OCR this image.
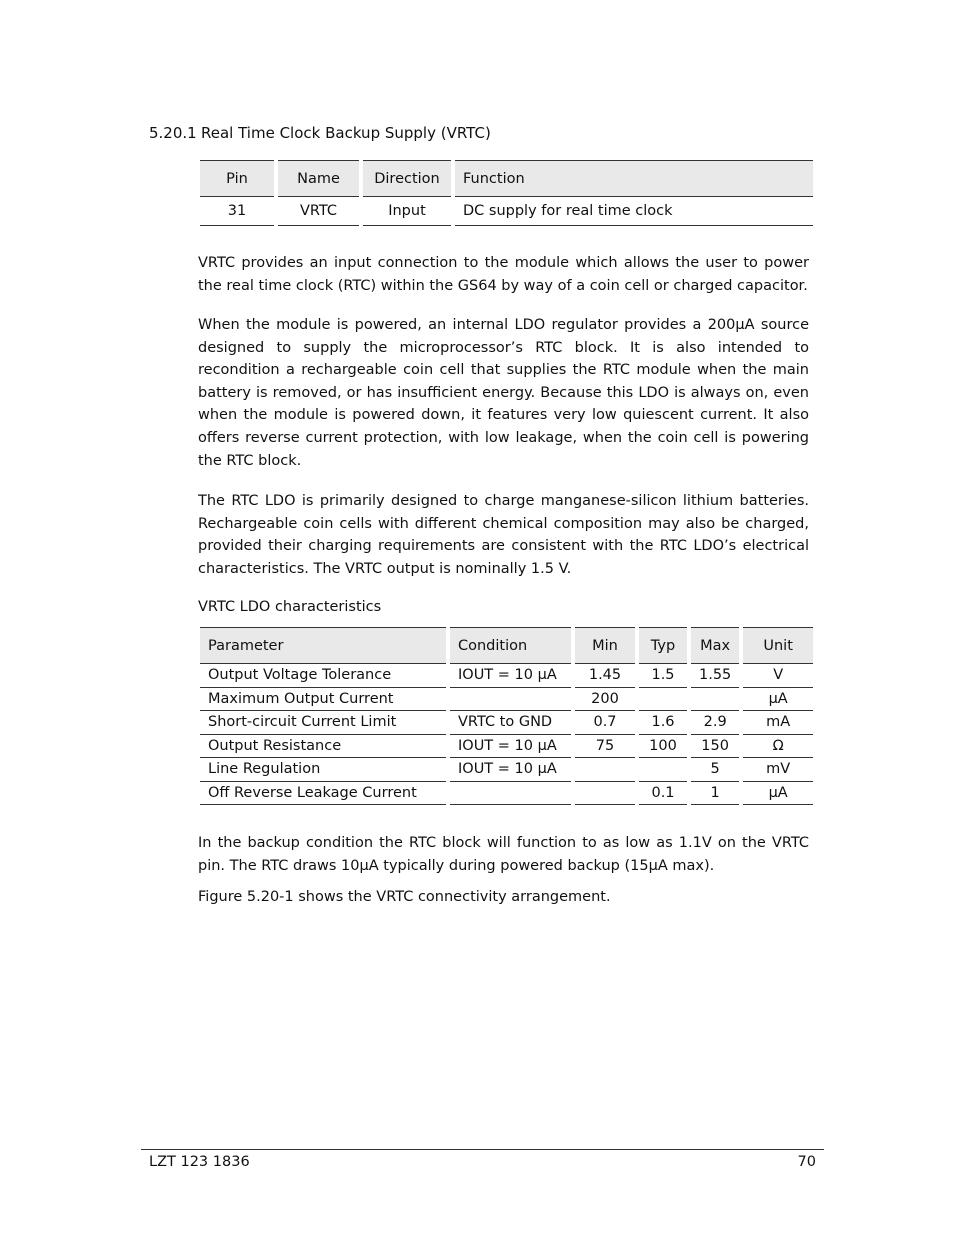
5.20.1 Real Time Clock Backup Supply (VRTC)
Pin	Name	Direction	Function
31	VRTC	Input	DC supply for real time clock

VRTC provides an input connection to the module which allows the user to power the real time clock (RTC) within the GS64 by way of a coin cell or charged capacitor.

When the module is powered, an internal LDO regulator provides a 200µA source designed to supply the microprocessor’s RTC block. It is also intended to recondition a rechargeable coin cell that supplies the RTC module when the main battery is removed, or has insufficient energy. Because this LDO is always on, even when the module is powered down, it features very low quiescent current. It also offers reverse current protection, with low leakage, when the coin cell is powering the RTC block.

The RTC LDO is primarily designed to charge manganese-silicon lithium batteries. Rechargeable coin cells with different chemical composition may also be charged, provided their charging requirements are consistent with the RTC LDO’s electrical characteristics. The VRTC output is nominally 1.5 V.

VRTC LDO characteristics
Parameter	Condition	Min	Typ	Max	Unit
Output Voltage Tolerance	IOUT = 10 µA	1.45	1.5	1.55	V
Maximum Output Current		200			µA
Short-circuit Current Limit	VRTC to GND	0.7	1.6	2.9	mA
Output Resistance	IOUT = 10 µA	75	100	150	Ω
Line Regulation	IOUT = 10 µA			5	mV
Off Reverse Leakage Current			0.1	1	µA

In the backup condition the RTC block will function to as low as 1.1V on the VRTC pin. The RTC draws 10µA typically during powered backup (15µA max).

Figure 5.20-1 shows the VRTC connectivity arrangement.

LZT 123 1836	70
